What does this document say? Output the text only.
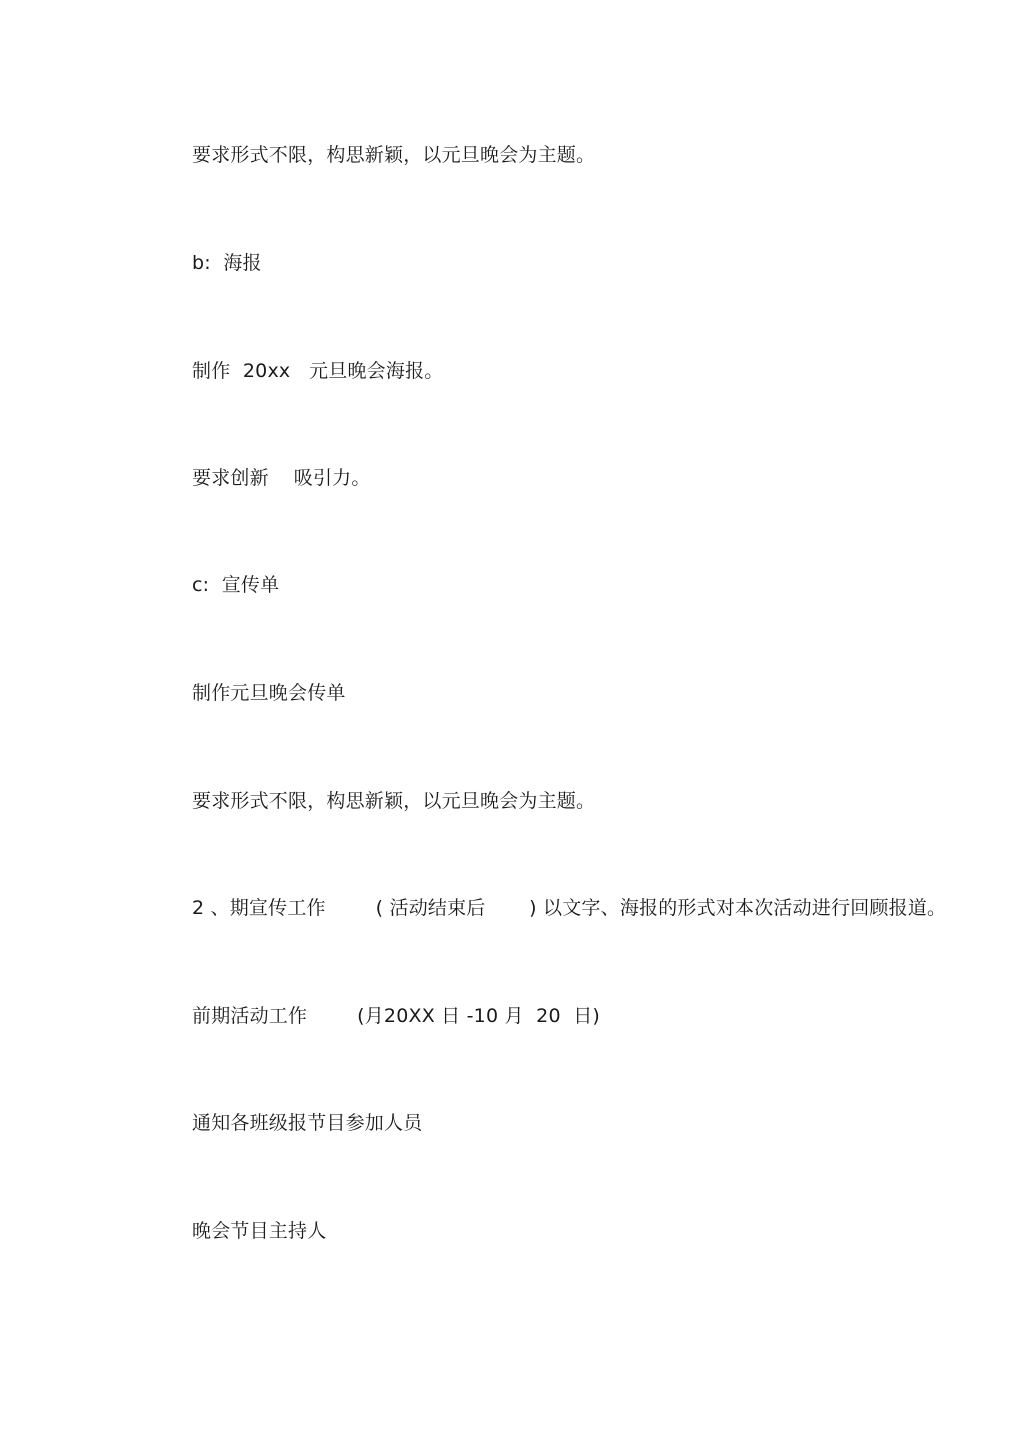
要求形式不限，构思新颖，以元旦晚会为主题。
b:  海报
制作  20xx   元旦晚会海报。
要求创新    吸引力。
c:  宣传单
制作元旦晚会传单
要求形式不限，构思新颖，以元旦晚会为主题。
2 、期宣传工作        ( 活动结束后       ) 以文字、海报的形式对本次活动进行回顾报道。
前期活动工作        (月20XX 日 -10 月  20  日)
通知各班级报节目参加人员
晚会节目主持人
